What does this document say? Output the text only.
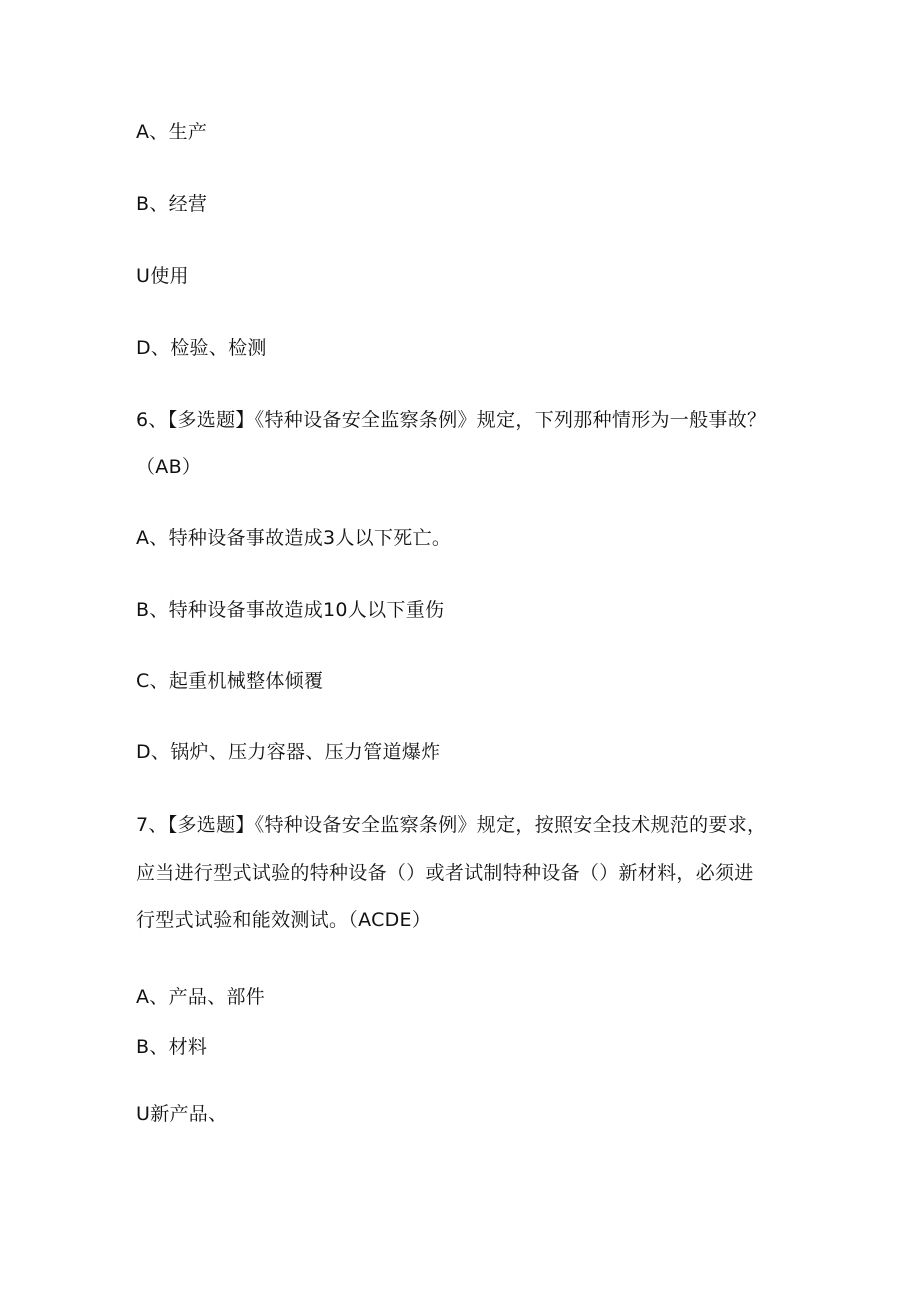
A、生产
B、经营
U使用
D、检验、检测
6、【多选题】《特种设备安全监察条例》规定，下列那种情形为一般事故？
（AB）
A、特种设备事故造成3人以下死亡。
B、特种设备事故造成10人以下重伤
C、起重机械整体倾覆
D、锅炉、压力容器、压力管道爆炸
7、【多选题】《特种设备安全监察条例》规定，按照安全技术规范的要求，
应当进行型式试验的特种设备（）或者试制特种设备（）新材料，必须进
行型式试验和能效测试。（ACDE）
A、产品、部件
B、材料
U新产品、
